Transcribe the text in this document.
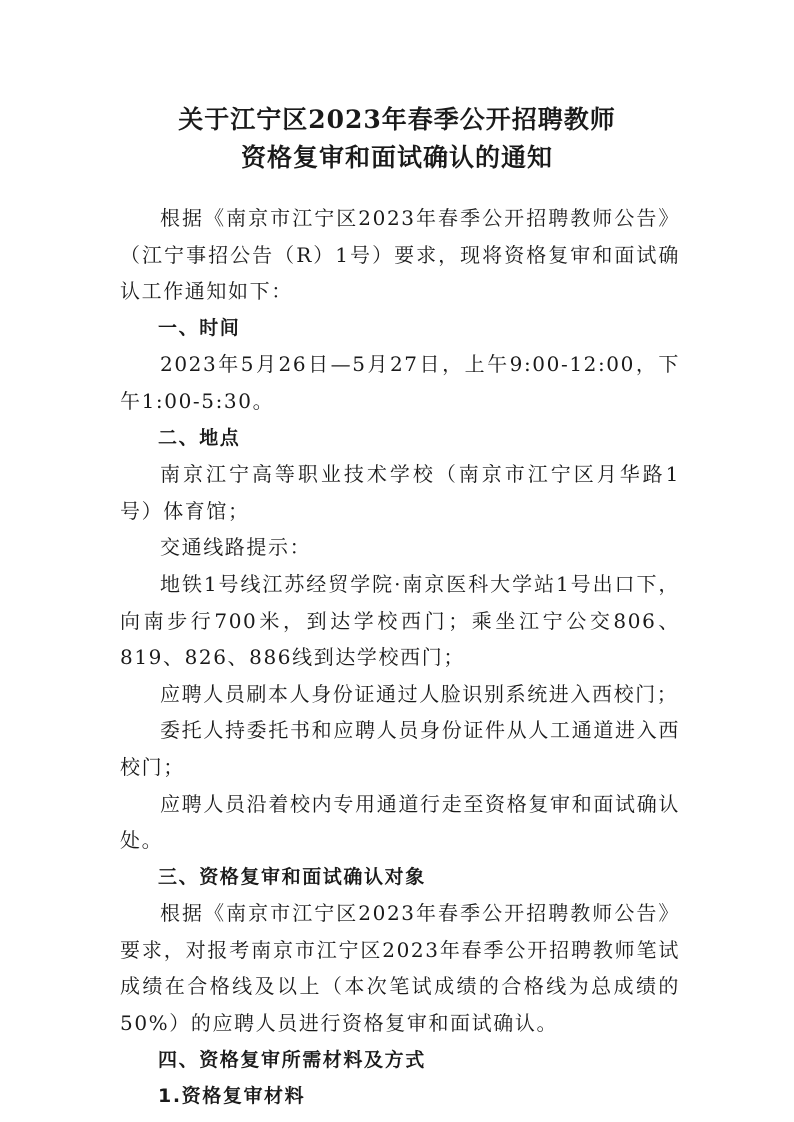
关于江宁区2023年春季公开招聘教师
资格复审和面试确认的通知

根据《南京市江宁区2023年春季公开招聘教师公告》（江宁事招公告（R）1号）要求，现将资格复审和面试确认工作通知如下：

一、时间

2023年5月26日—5月27日，上午9:00-12:00，下午1:00-5:30。

二、地点

南京江宁高等职业技术学校（南京市江宁区月华路1号）体育馆；

交通线路提示：

地铁1号线江苏经贸学院·南京医科大学站1号出口下，向南步行700米，到达学校西门；乘坐江宁公交806、819、826、886线到达学校西门；

应聘人员刷本人身份证通过人脸识别系统进入西校门；

委托人持委托书和应聘人员身份证件从人工通道进入西校门；

应聘人员沿着校内专用通道行走至资格复审和面试确认处。

三、资格复审和面试确认对象

根据《南京市江宁区2023年春季公开招聘教师公告》要求，对报考南京市江宁区2023年春季公开招聘教师笔试成绩在合格线及以上（本次笔试成绩的合格线为总成绩的50%）的应聘人员进行资格复审和面试确认。

四、资格复审所需材料及方式

1.资格复审材料
